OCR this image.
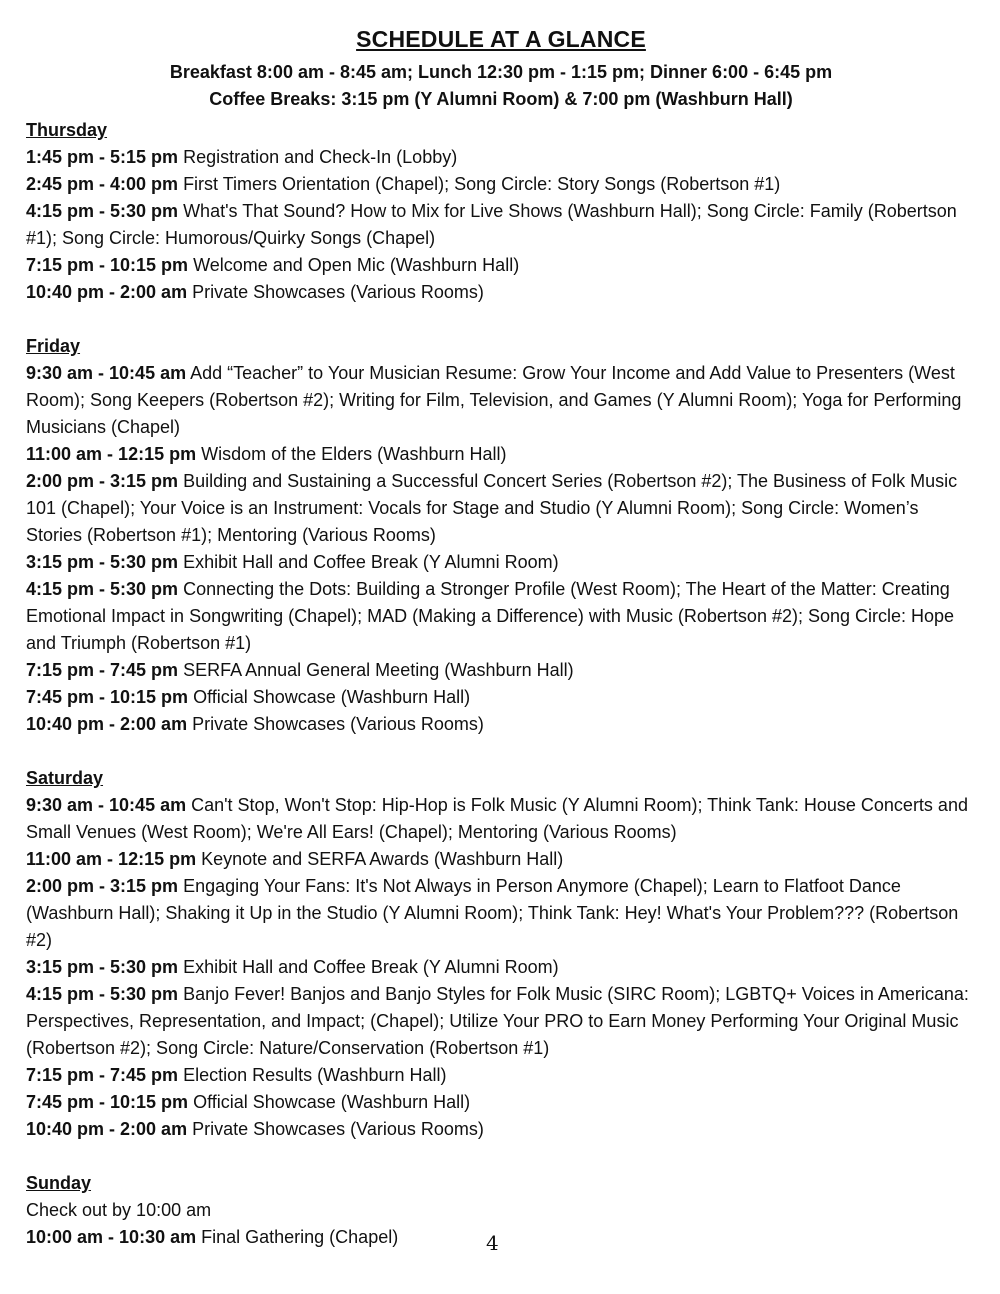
SCHEDULE AT A GLANCE
Breakfast 8:00 am - 8:45 am; Lunch 12:30 pm - 1:15 pm; Dinner 6:00 - 6:45 pm
Coffee Breaks: 3:15 pm (Y Alumni Room) & 7:00 pm (Washburn Hall)
Thursday
1:45 pm - 5:15 pm Registration and Check-In (Lobby)
2:45 pm - 4:00 pm First Timers Orientation (Chapel); Song Circle: Story Songs (Robertson #1)
4:15 pm - 5:30 pm What's That Sound? How to Mix for Live Shows (Washburn Hall); Song Circle: Family (Robertson #1); Song Circle: Humorous/Quirky Songs (Chapel)
7:15 pm - 10:15 pm Welcome and Open Mic (Washburn Hall)
10:40 pm - 2:00 am Private Showcases (Various Rooms)
Friday
9:30 am - 10:45 am Add “Teacher” to Your Musician Resume: Grow Your Income and Add Value to Presenters (West Room); Song Keepers (Robertson #2); Writing for Film, Television, and Games (Y Alumni Room); Yoga for Performing Musicians (Chapel)
11:00 am - 12:15 pm Wisdom of the Elders (Washburn Hall)
2:00 pm - 3:15 pm Building and Sustaining a Successful Concert Series (Robertson #2); The Business of Folk Music 101 (Chapel); Your Voice is an Instrument: Vocals for Stage and Studio (Y Alumni Room); Song Circle: Women’s Stories (Robertson #1); Mentoring (Various Rooms)
3:15 pm - 5:30 pm Exhibit Hall and Coffee Break (Y Alumni Room)
4:15 pm - 5:30 pm Connecting the Dots: Building a Stronger Profile (West Room); The Heart of the Matter: Creating Emotional Impact in Songwriting (Chapel); MAD (Making a Difference) with Music (Robertson #2); Song Circle: Hope and Triumph (Robertson #1)
7:15 pm - 7:45 pm SERFA Annual General Meeting (Washburn Hall)
7:45 pm - 10:15 pm Official Showcase (Washburn Hall)
10:40 pm - 2:00 am Private Showcases (Various Rooms)
Saturday
9:30 am - 10:45 am Can't Stop, Won't Stop: Hip-Hop is Folk Music (Y Alumni Room); Think Tank: House Concerts and Small Venues (West Room); We're All Ears! (Chapel); Mentoring (Various Rooms)
11:00 am - 12:15 pm Keynote and SERFA Awards (Washburn Hall)
2:00 pm - 3:15 pm Engaging Your Fans: It's Not Always in Person Anymore (Chapel); Learn to Flatfoot Dance (Washburn Hall); Shaking it Up in the Studio (Y Alumni Room); Think Tank: Hey! What's Your Problem??? (Robertson #2)
3:15 pm - 5:30 pm Exhibit Hall and Coffee Break (Y Alumni Room)
4:15 pm - 5:30 pm Banjo Fever! Banjos and Banjo Styles for Folk Music (SIRC Room); LGBTQ+ Voices in Americana: Perspectives, Representation, and Impact; (Chapel); Utilize Your PRO to Earn Money Performing Your Original Music (Robertson #2); Song Circle: Nature/Conservation (Robertson #1)
7:15 pm - 7:45 pm Election Results (Washburn Hall)
7:45 pm - 10:15 pm Official Showcase (Washburn Hall)
10:40 pm - 2:00 am Private Showcases (Various Rooms)
Sunday
Check out by 10:00 am
10:00 am - 10:30 am Final Gathering (Chapel)	4
